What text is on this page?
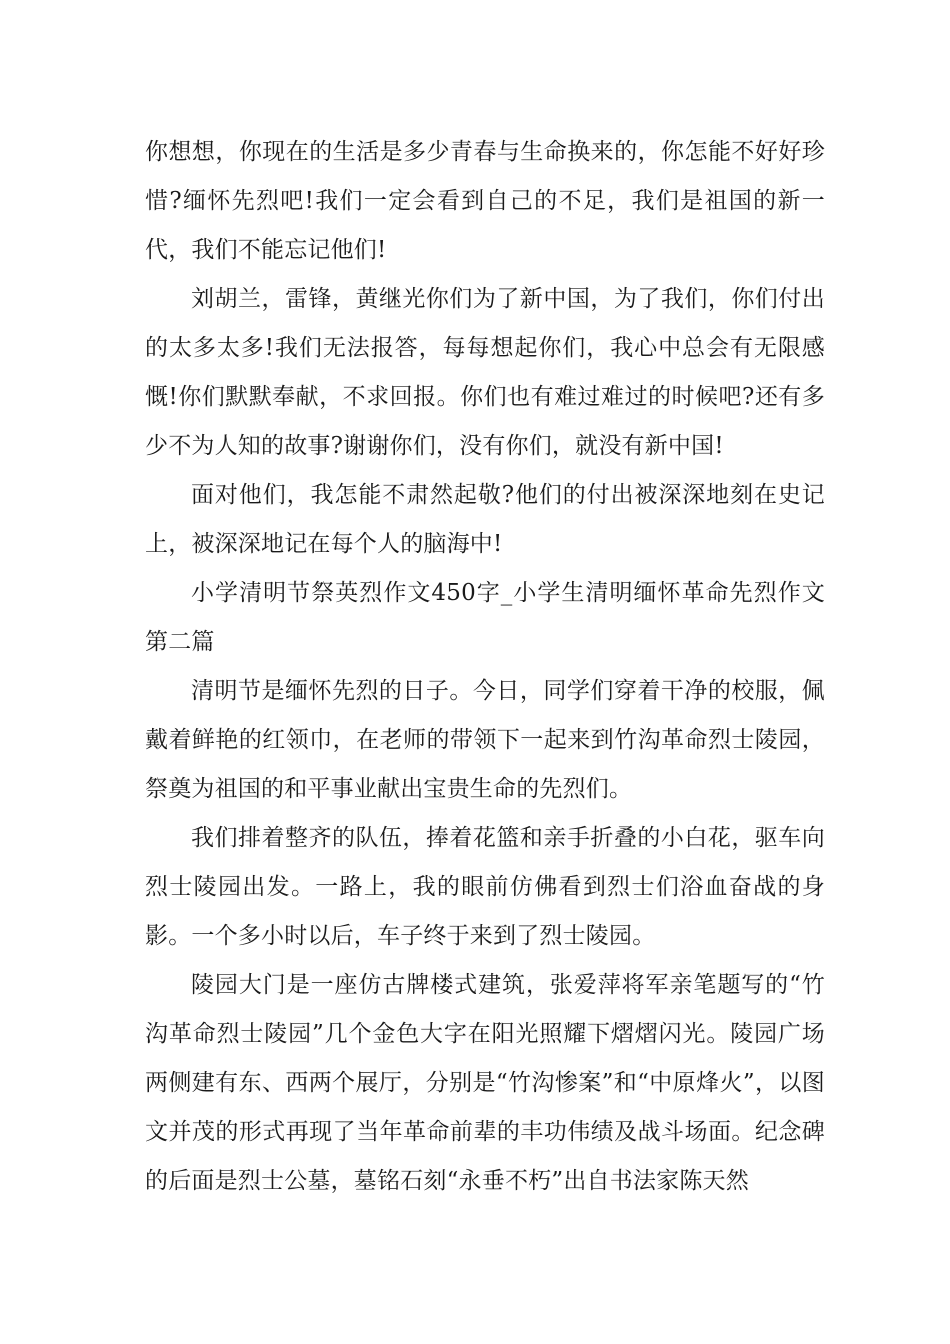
你想想，你现在的生活是多少青春与生命换来的，你怎能不好好珍惜?缅怀先烈吧!我们一定会看到自己的不足，我们是祖国的新一代，我们不能忘记他们!

刘胡兰，雷锋，黄继光你们为了新中国，为了我们，你们付出的太多太多!我们无法报答，每每想起你们，我心中总会有无限感慨!你们默默奉献，不求回报。你们也有难过难过的时候吧?还有多少不为人知的故事?谢谢你们，没有你们，就没有新中国!

面对他们，我怎能不肃然起敬?他们的付出被深深地刻在史记上，被深深地记在每个人的脑海中!

小学清明节祭英烈作文450字_小学生清明缅怀革命先烈作文第二篇

清明节是缅怀先烈的日子。今日，同学们穿着干净的校服，佩戴着鲜艳的红领巾，在老师的带领下一起来到竹沟革命烈士陵园，祭奠为祖国的和平事业献出宝贵生命的先烈们。

我们排着整齐的队伍，捧着花篮和亲手折叠的小白花，驱车向烈士陵园出发。一路上，我的眼前仿佛看到烈士们浴血奋战的身影。一个多小时以后，车子终于来到了烈士陵园。

陵园大门是一座仿古牌楼式建筑，张爱萍将军亲笔题写的“竹沟革命烈士陵园”几个金色大字在阳光照耀下熠熠闪光。陵园广场两侧建有东、西两个展厅，分别是“竹沟惨案”和“中原烽火”，以图文并茂的形式再现了当年革命前辈的丰功伟绩及战斗场面。纪念碑的后面是烈士公墓，墓铭石刻“永垂不朽”出自书法家陈天然
